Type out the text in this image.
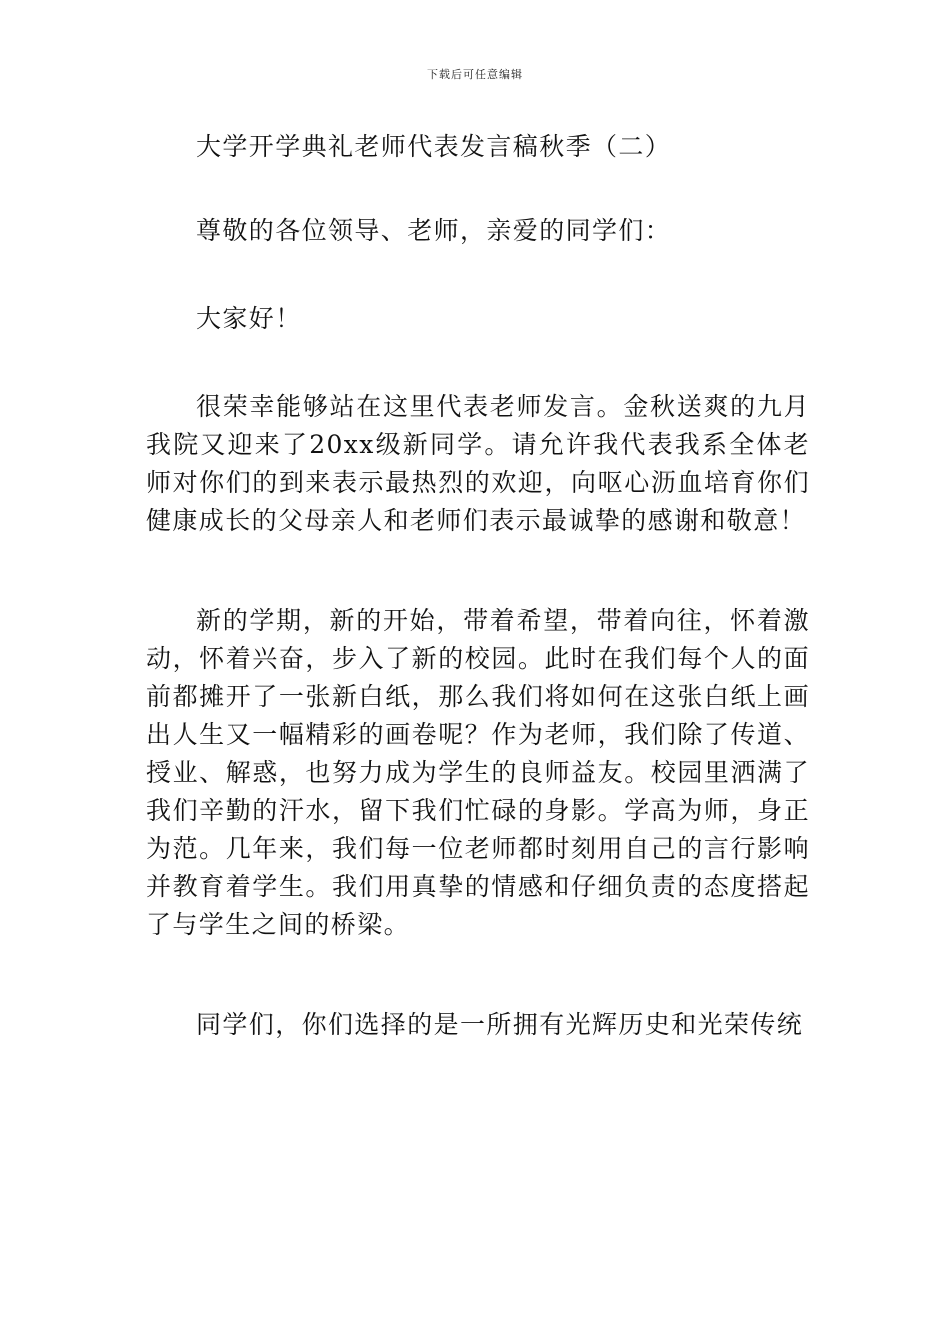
下载后可任意编辑

大学开学典礼老师代表发言稿秋季（二）

尊敬的各位领导、老师，亲爱的同学们：

大家好！

很荣幸能够站在这里代表老师发言。金秋送爽的九月我院又迎来了20xx级新同学。请允许我代表我系全体老师对你们的到来表示最热烈的欢迎，向呕心沥血培育你们健康成长的父母亲人和老师们表示最诚挚的感谢和敬意！

新的学期，新的开始，带着希望，带着向往，怀着激动，怀着兴奋，步入了新的校园。此时在我们每个人的面前都摊开了一张新白纸，那么我们将如何在这张白纸上画出人生又一幅精彩的画卷呢？作为老师，我们除了传道、授业、解惑，也努力成为学生的良师益友。校园里洒满了我们辛勤的汗水，留下我们忙碌的身影。学高为师，身正为范。几年来，我们每一位老师都时刻用自己的言行影响并教育着学生。我们用真挚的情感和仔细负责的态度搭起了与学生之间的桥梁。

同学们，你们选择的是一所拥有光辉历史和光荣传统
